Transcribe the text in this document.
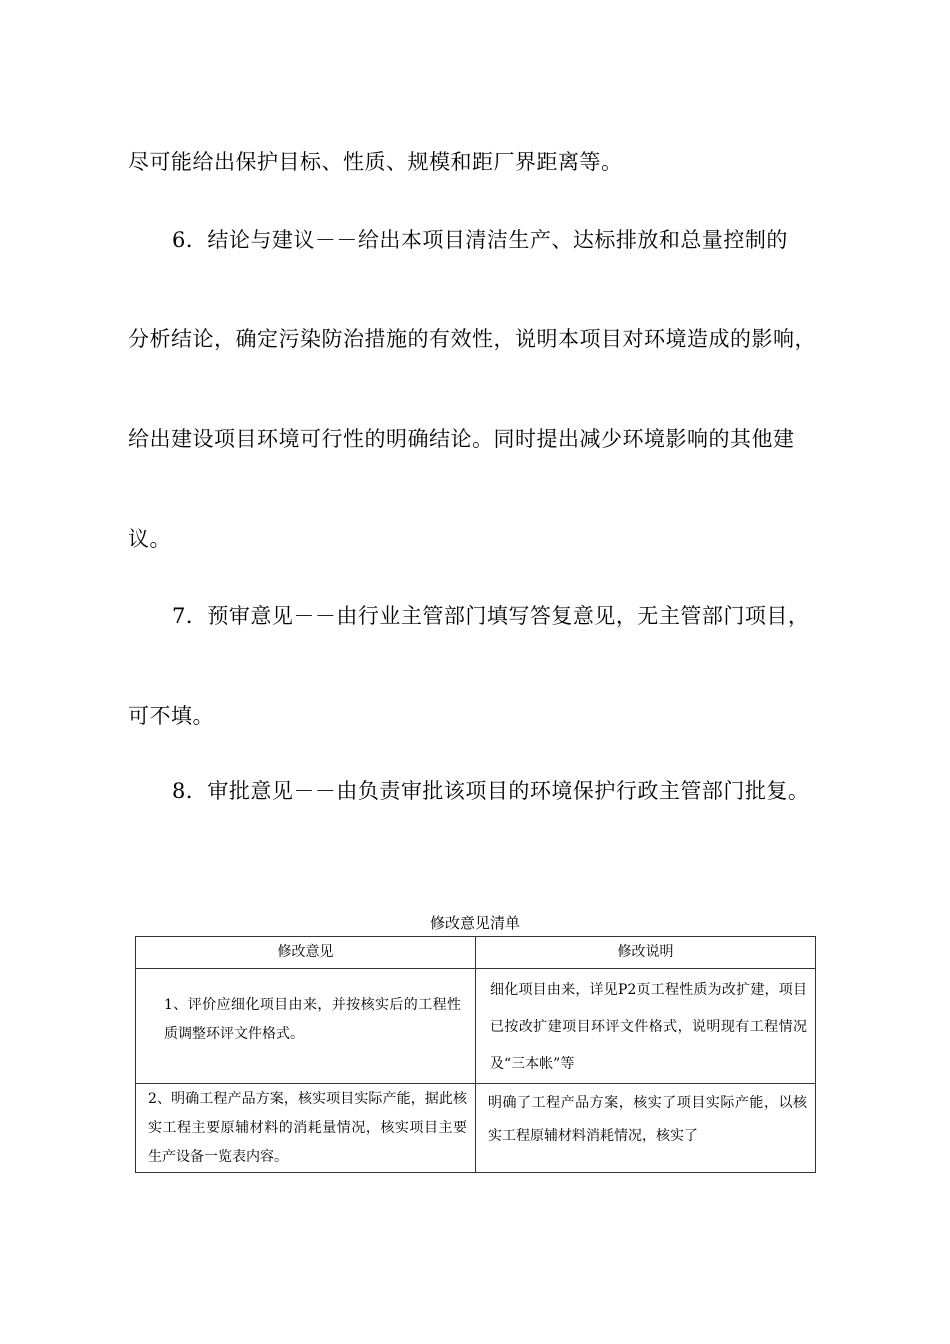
尽可能给出保护目标、性质、规模和距厂界距离等。
6．结论与建议－－给出本项目清洁生产、达标排放和总量控制的
分析结论，确定污染防治措施的有效性，说明本项目对环境造成的影响，
给出建设项目环境可行性的明确结论。同时提出减少环境影响的其他建
议。
7．预审意见－－由行业主管部门填写答复意见，无主管部门项目，
可不填。
8．审批意见－－由负责审批该项目的环境保护行政主管部门批复。
修改意见清单
修改意见	修改说明

1、评价应细化项目由来，并按核实后的工程性质调整环评文件格式。	细化项目由来，详见P2页工程性质为改扩建，项目已按改扩建项目环评文件格式，说明现有工程情况及“三本帐”等

2、明确工程产品方案，核实项目实际产能，据此核实工程主要原辅材料的消耗量情况，核实项目主要生产设备一览表内容。	明确了工程产品方案，核实了项目实际产能，以核实工程原辅材料消耗情况，核实了
